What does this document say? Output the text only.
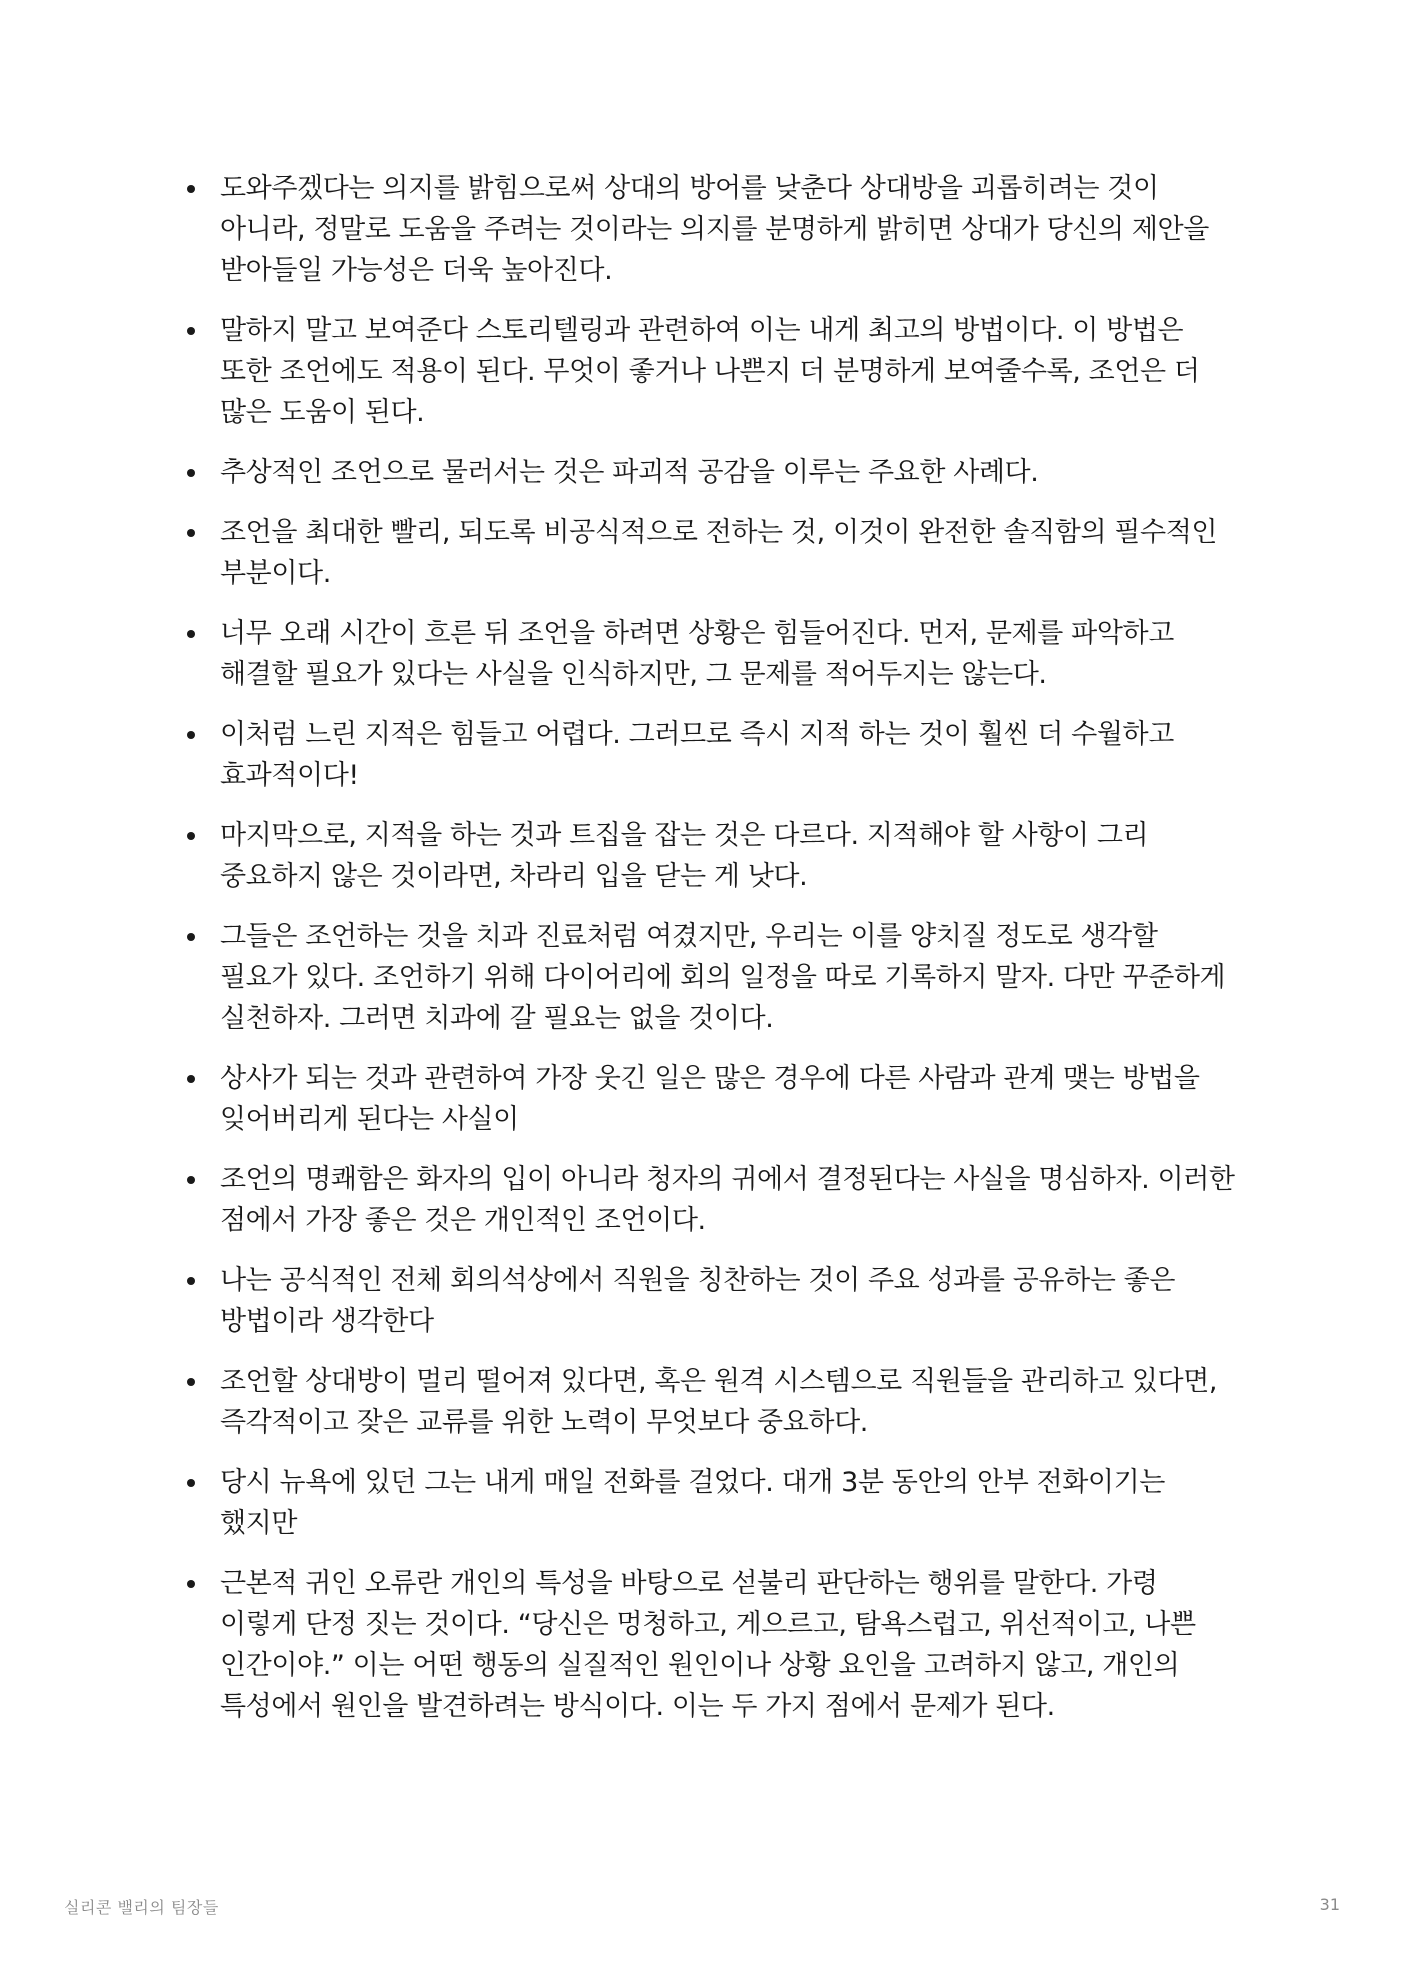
도와주겠다는 의지를 밝힘으로써 상대의 방어를 낮춘다 상대방을 괴롭히려는 것이 아니라, 정말로 도움을 주려는 것이라는 의지를 분명하게 밝히면 상대가 당신의 제안을 받아들일 가능성은 더욱 높아진다.
말하지 말고 보여준다 스토리텔링과 관련하여 이는 내게 최고의 방법이다. 이 방법은 또한 조언에도 적용이 된다. 무엇이 좋거나 나쁜지 더 분명하게 보여줄수록, 조언은 더 많은 도움이 된다.
추상적인 조언으로 물러서는 것은 파괴적 공감을 이루는 주요한 사례다.
조언을 최대한 빨리, 되도록 비공식적으로 전하는 것, 이것이 완전한 솔직함의 필수적인 부분이다.
너무 오래 시간이 흐른 뒤 조언을 하려면 상황은 힘들어진다. 먼저, 문제를 파악하고 해결할 필요가 있다는 사실을 인식하지만, 그 문제를 적어두지는 않는다.
이처럼 느린 지적은 힘들고 어렵다. 그러므로 즉시 지적 하는 것이 훨씬 더 수월하고 효과적이다!
마지막으로, 지적을 하는 것과 트집을 잡는 것은 다르다. 지적해야 할 사항이 그리 중요하지 않은 것이라면, 차라리 입을 닫는 게 낫다.
그들은 조언하는 것을 치과 진료처럼 여겼지만, 우리는 이를 양치질 정도로 생각할 필요가 있다. 조언하기 위해 다이어리에 회의 일정을 따로 기록하지 말자. 다만 꾸준하게 실천하자. 그러면 치과에 갈 필요는 없을 것이다.
상사가 되는 것과 관련하여 가장 웃긴 일은 많은 경우에 다른 사람과 관계 맺는 방법을 잊어버리게 된다는 사실이
조언의 명쾌함은 화자의 입이 아니라 청자의 귀에서 결정된다는 사실을 명심하자. 이러한 점에서 가장 좋은 것은 개인적인 조언이다.
나는 공식적인 전체 회의석상에서 직원을 칭찬하는 것이 주요 성과를 공유하는 좋은 방법이라 생각한다
조언할 상대방이 멀리 떨어져 있다면, 혹은 원격 시스템으로 직원들을 관리하고 있다면, 즉각적이고 잦은 교류를 위한 노력이 무엇보다 중요하다.
당시 뉴욕에 있던 그는 내게 매일 전화를 걸었다. 대개 3분 동안의 안부 전화이기는 했지만
근본적 귀인 오류란 개인의 특성을 바탕으로 섣불리 판단하는 행위를 말한다. 가령 이렇게 단정 짓는 것이다. “당신은 멍청하고, 게으르고, 탐욕스럽고, 위선적이고, 나쁜 인간이야.” 이는 어떤 행동의 실질적인 원인이나 상황 요인을 고려하지 않고, 개인의 특성에서 원인을 발견하려는 방식이다. 이는 두 가지 점에서 문제가 된다.
실리콘 밸리의 팀장들	31
